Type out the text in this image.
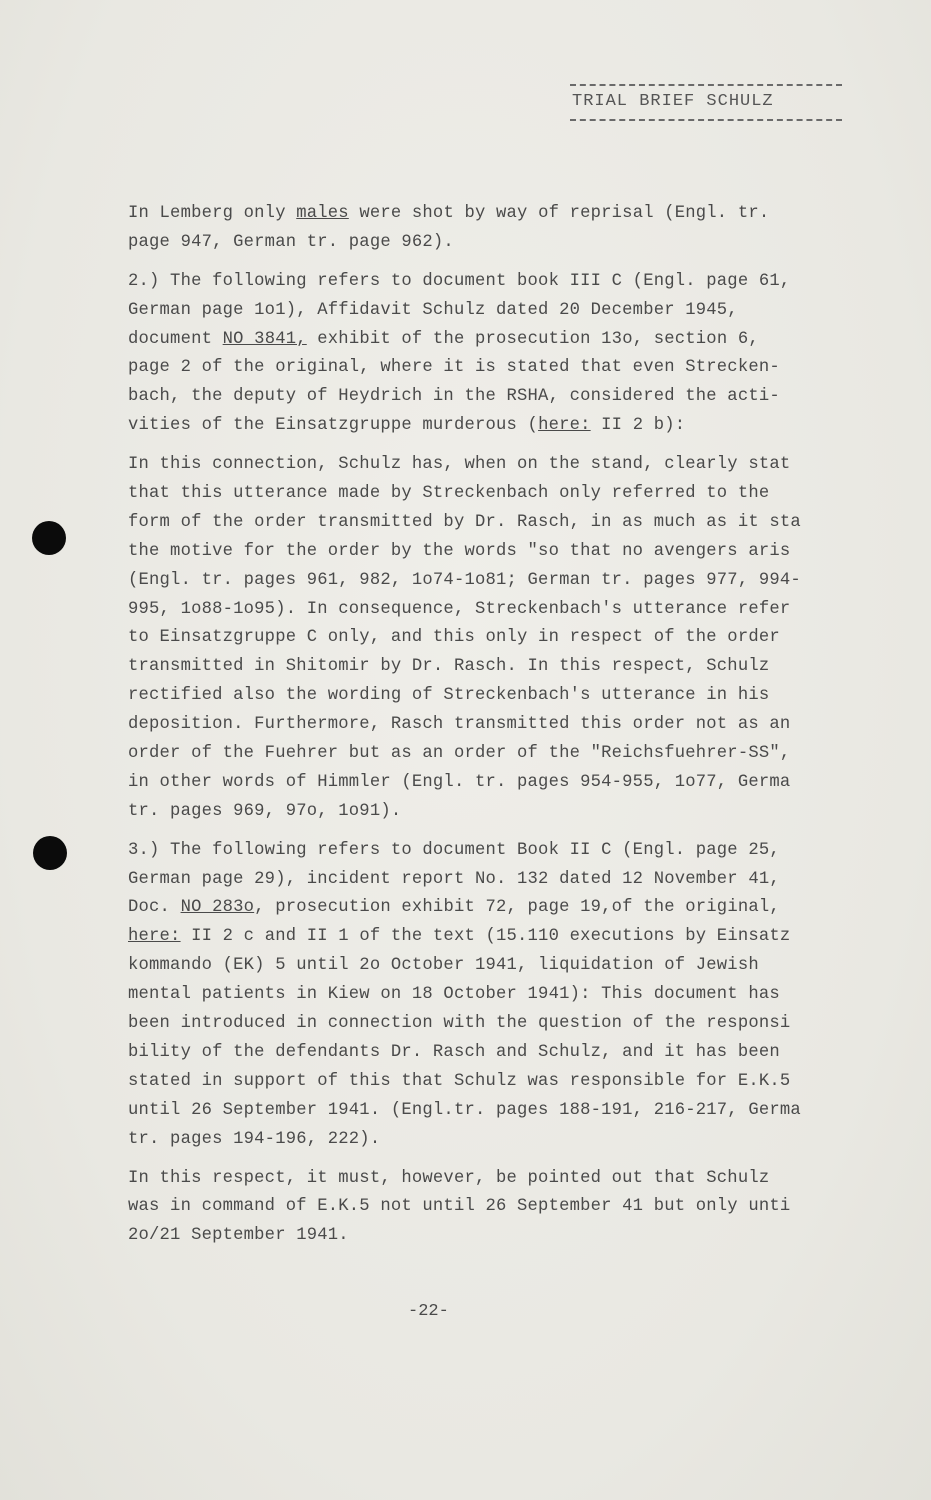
TRIAL BRIEF SCHULZ
In Lemberg only males were shot by way of reprisal (Engl. tr.
page 947, German tr. page 962).
2.) The following refers to document book III C (Engl. page 61,
German page 1o1), Affidavit Schulz dated 20 December 1945,
document NO 3841, exhibit of the prosecution 13o, section 6,
page 2 of the original, where it is stated that even Strecken-
bach, the deputy of Heydrich in the RSHA, considered the acti-
vities of the Einsatzgruppe murderous (here: II 2 b):
In this connection, Schulz has, when on the stand, clearly stat
that this utterance made by Streckenbach only referred to the
form of the order transmitted by Dr. Rasch, in as much as it sta
the motive for the order by the words "so that no avengers aris
(Engl. tr. pages 961, 982, 1o74-1o81; German tr. pages 977, 994-
995, 1o88-1o95). In consequence, Streckenbach's utterance refer
to Einsatzgruppe C only, and this only in respect of the order
transmitted in Shitomir by Dr. Rasch. In this respect, Schulz
rectified also the wording of Streckenbach's utterance in his
deposition. Furthermore, Rasch transmitted this order not as an
order of the Fuehrer but as an order of the "Reichsfuehrer-SS",
in other words of Himmler (Engl. tr. pages 954-955, 1o77, Germa
tr. pages 969, 97o, 1o91).
3.) The following refers to document Book II C (Engl. page 25,
German page 29), incident report No. 132 dated 12 November 41,
Doc. NO 283o, prosecution exhibit 72, page 19,of the original,
here: II 2 c and II 1 of the text (15.110 executions by Einsatz
kommando (EK) 5 until 2o October 1941, liquidation of Jewish
mental patients in Kiew on 18 October 1941): This document has
been introduced in connection with the question of the responsi
bility of the defendants Dr. Rasch and Schulz, and it has been
stated in support of this that Schulz was responsible for E.K.5
until 26 September 1941. (Engl.tr. pages 188-191, 216-217, Germa
tr. pages 194-196, 222).
In this respect, it must, however, be pointed out that Schulz
was in command of E.K.5 not until 26 September 41 but only unti
2o/21 September 1941.
-22-
